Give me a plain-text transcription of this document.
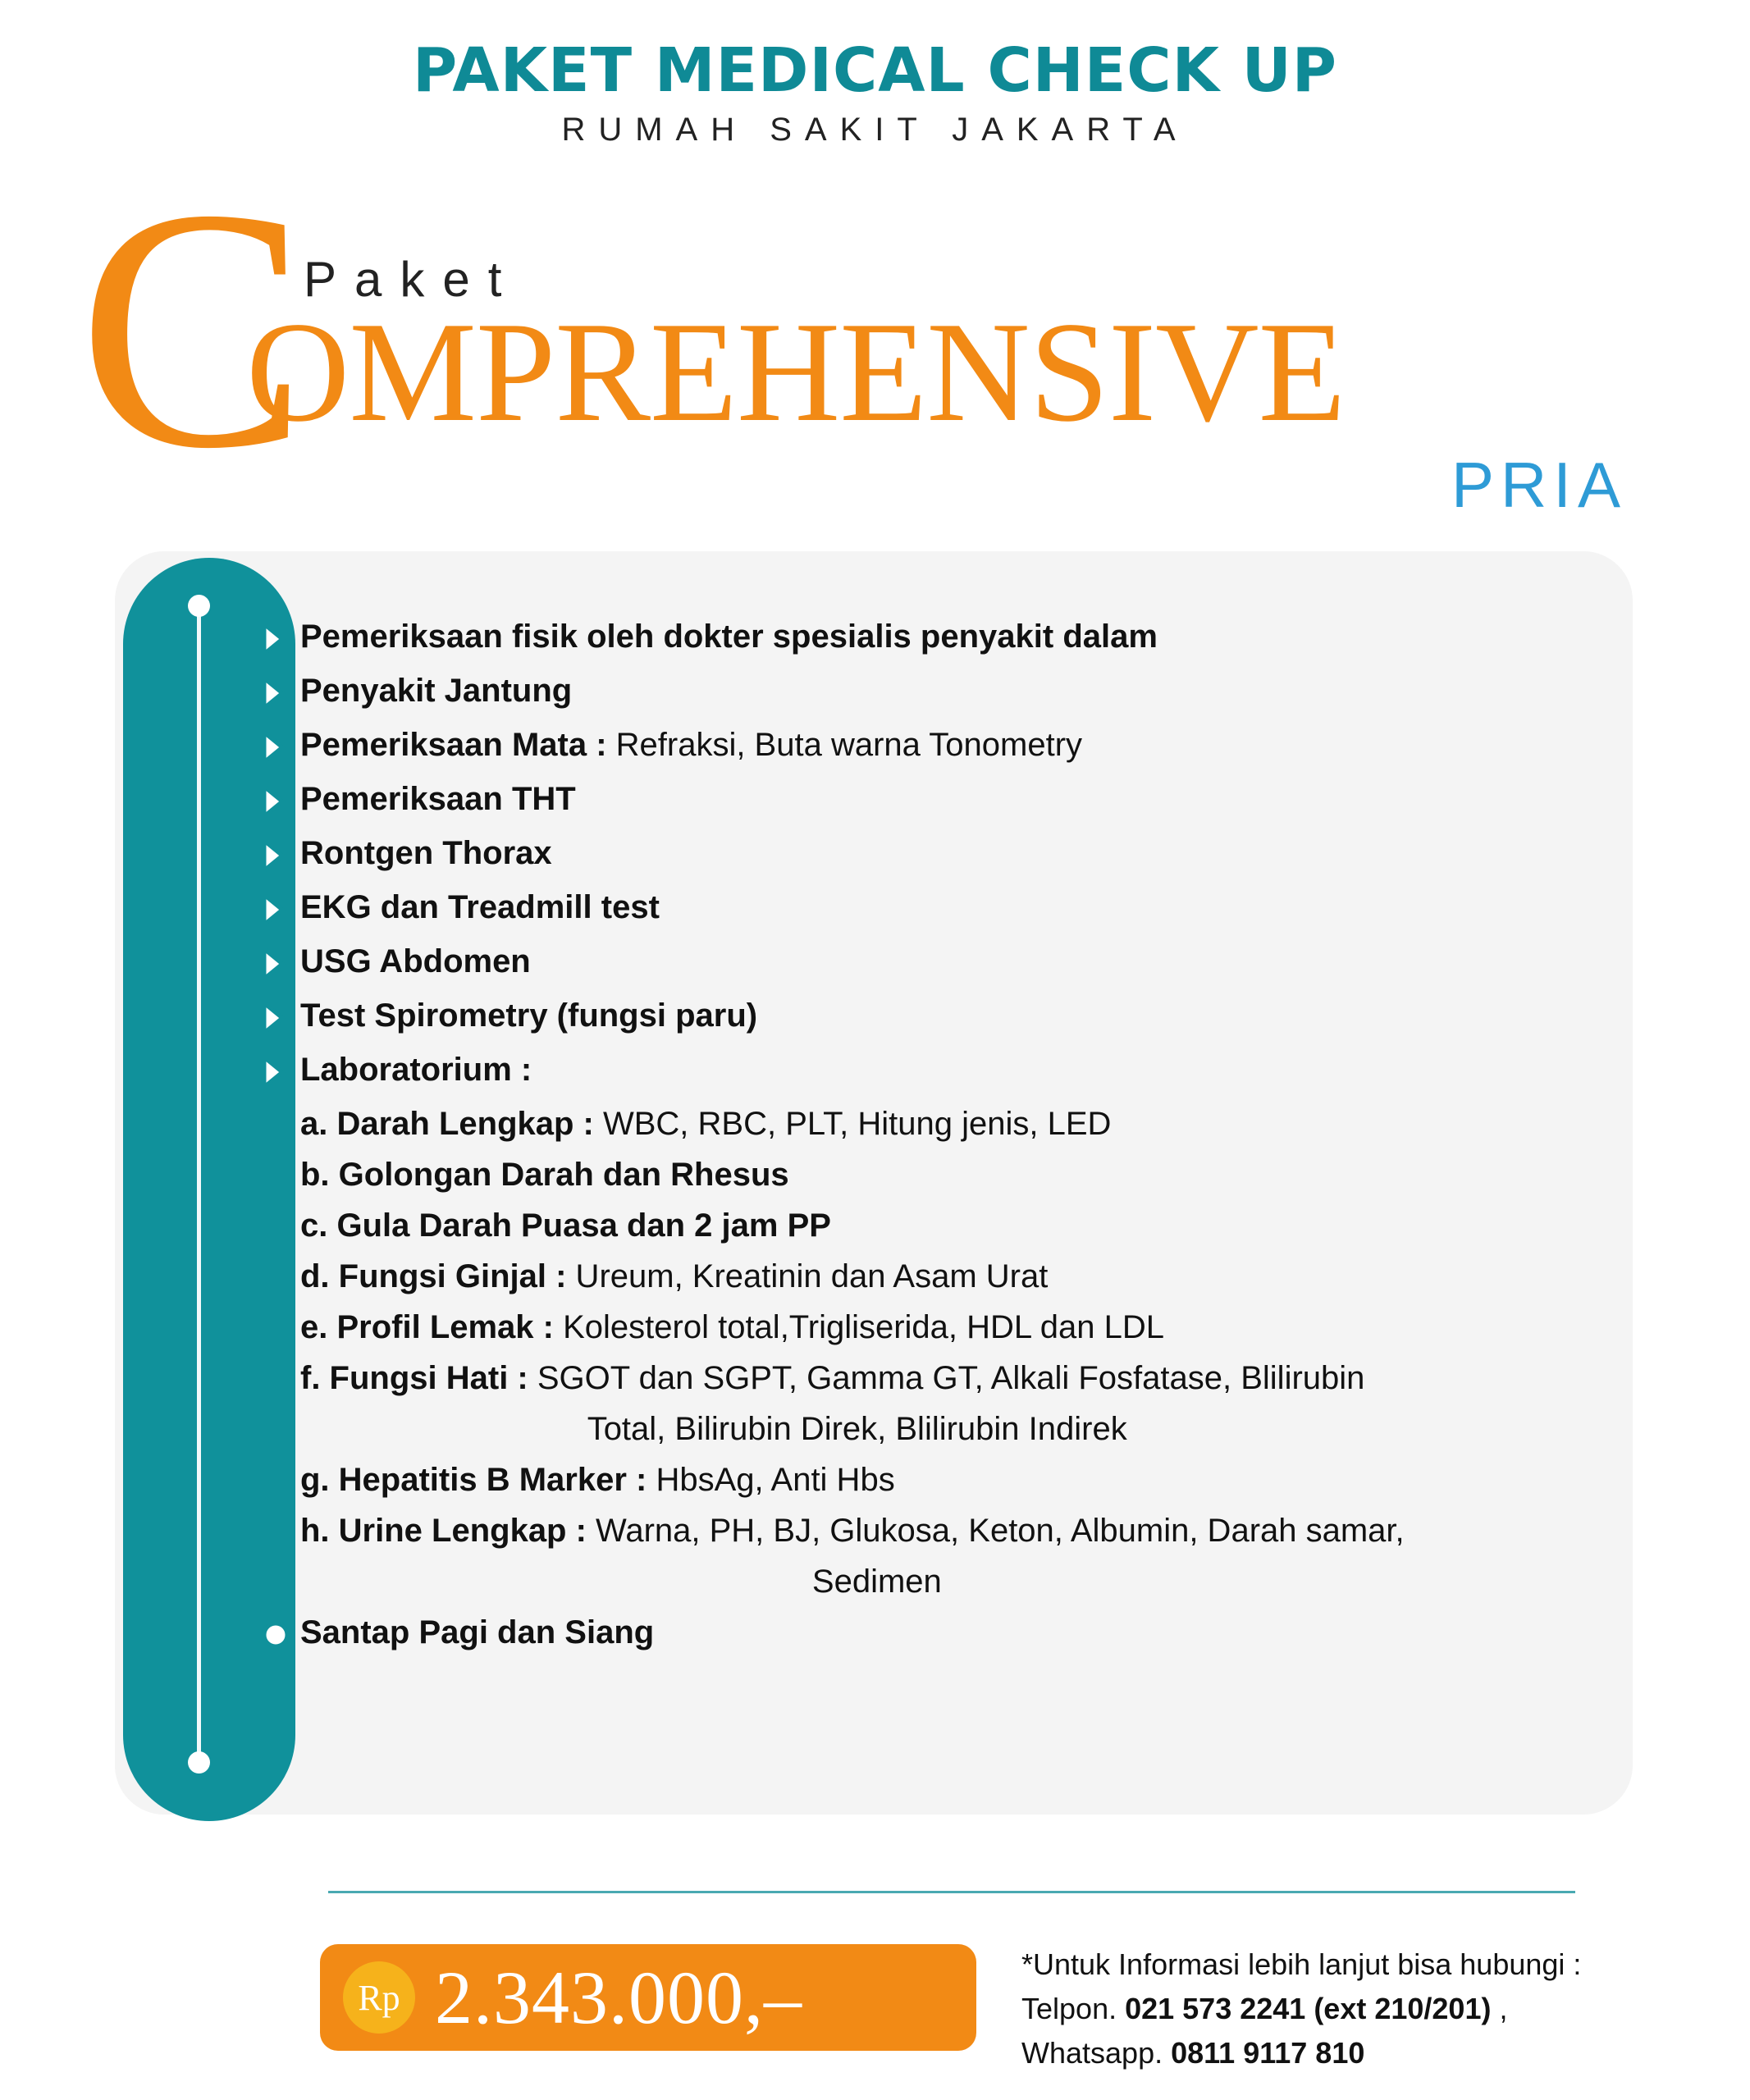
PAKET MEDICAL CHECK UP
RUMAH SAKIT JAKARTA
C
Paket
OMPREHENSIVE
PRIA
Pemeriksaan fisik oleh dokter spesialis penyakit dalam
Penyakit Jantung
Pemeriksaan Mata : Refraksi, Buta warna Tonometry
Pemeriksaan THT
Rontgen Thorax
EKG dan Treadmill test
USG Abdomen
Test Spirometry (fungsi paru)
Laboratorium :
a. Darah Lengkap : WBC, RBC, PLT, Hitung jenis, LED
b. Golongan Darah dan Rhesus
c. Gula Darah Puasa dan 2 jam PP
d. Fungsi Ginjal : Ureum, Kreatinin dan Asam Urat
e. Profil Lemak : Kolesterol total,Trigliserida, HDL dan LDL
f. Fungsi Hati : SGOT dan SGPT, Gamma GT, Alkali Fosfatase, Blilirubin
Total, Bilirubin Direk, Blilirubin Indirek
g. Hepatitis B Marker : HbsAg, Anti Hbs
h. Urine Lengkap : Warna, PH, BJ, Glukosa, Keton, Albumin, Darah samar,
Sedimen
Santap Pagi dan Siang
Rp 2.343.000,–	*Untuk Informasi lebih lanjut bisa hubungi :
Telpon. 021 573 2241 (ext 210/201) ,
Whatsapp. 0811 9117 810
